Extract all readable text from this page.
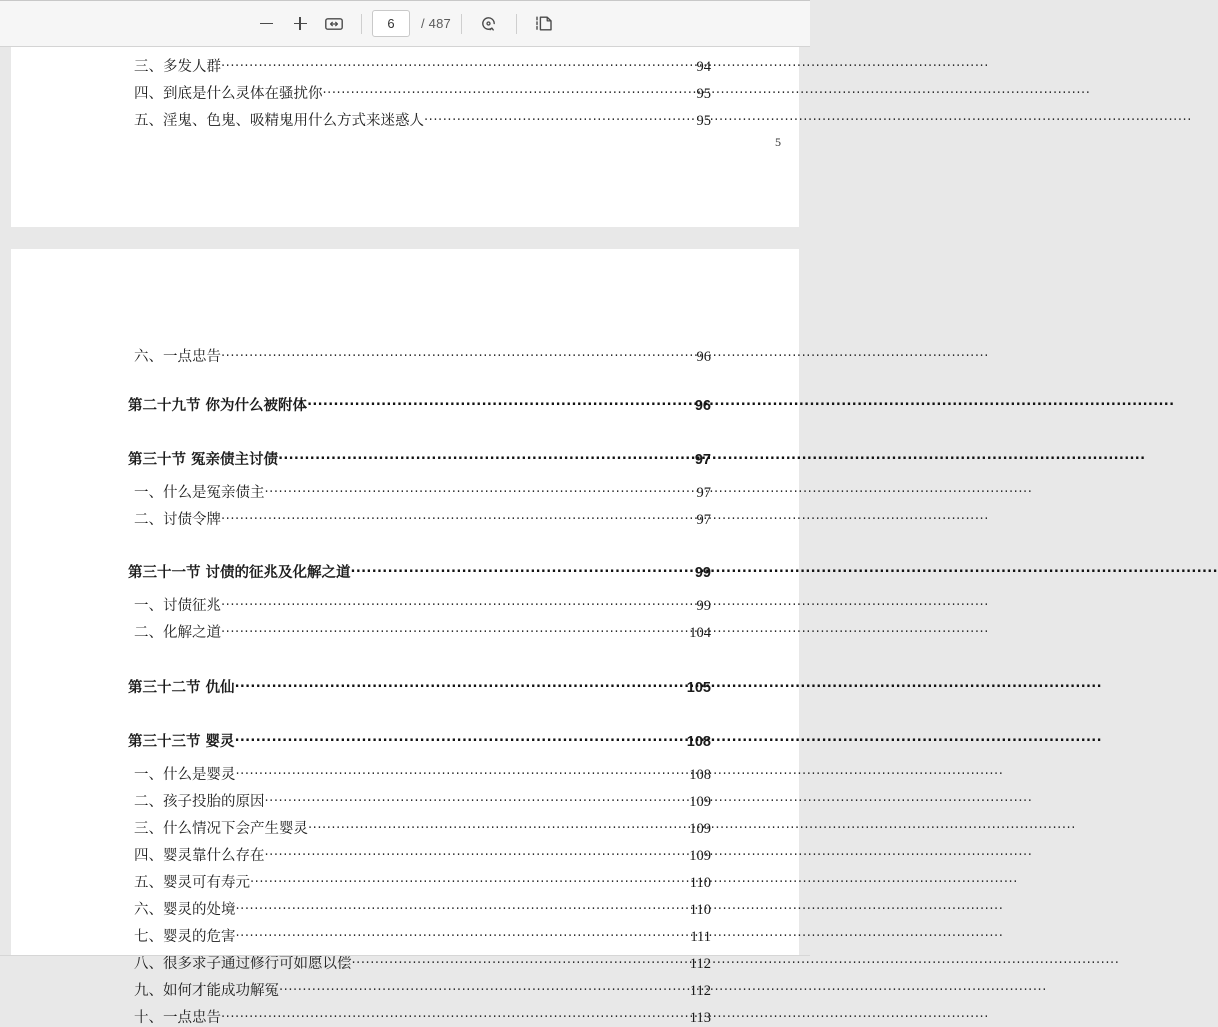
6
/ 487
三、多发人群 .....	94
四、到底是什么灵体在骚扰你 .....	95
五、淫鬼、色鬼、吸精鬼用什么方式来迷惑人 .....	95
5
六、一点忠告 .....	96
第二十九节 你为什么被附体 .....	96
第三十节 冤亲债主讨债 .....	97
一、什么是冤亲债主 .....	97
二、讨债令牌 .....	97
第三十一节 讨债的征兆及化解之道 .....	99
一、讨债征兆 .....	99
二、化解之道 .....	104
第三十二节 仇仙 .....	105
第三十三节 婴灵 .....	108
一、什么是婴灵 .....	108
二、孩子投胎的原因 .....	109
三、什么情况下会产生婴灵 .....	109
四、婴灵靠什么存在 .....	109
五、婴灵可有寿元 .....	110
六、婴灵的处境 .....	110
七、婴灵的危害 .....	111
八、很多求子通过修行可如愿以偿 .....	112
九、如何才能成功解冤 .....	112
十、一点忠告 .....	113
